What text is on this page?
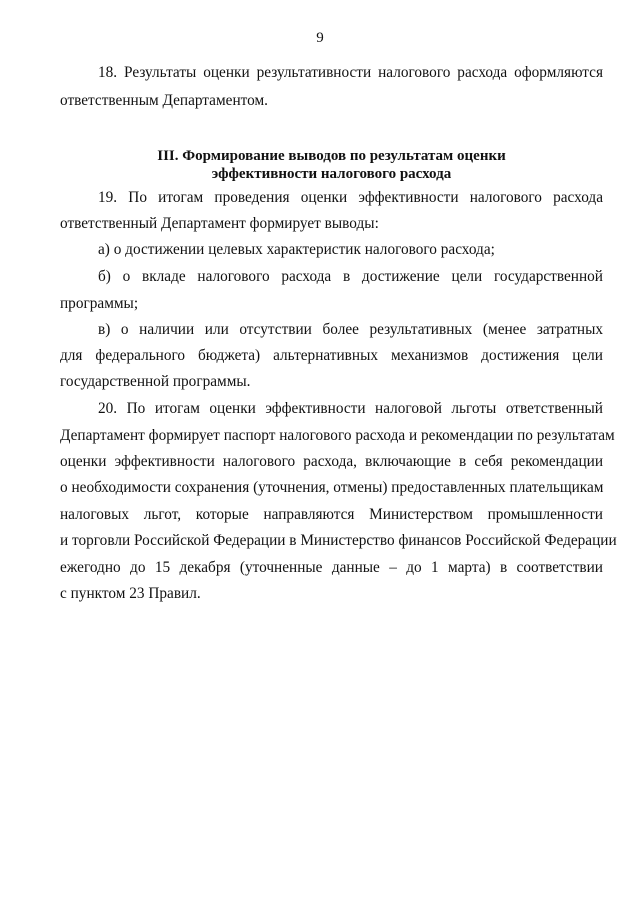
9
18. Результаты оценки результативности налогового расхода оформляются
ответственным Департаментом.
III. Формирование выводов по результатам оценки
эффективности налогового расхода
19. По итогам проведения оценки эффективности налогового расхода
ответственный Департамент формирует выводы:
а) о достижении целевых характеристик налогового расхода;
б) о вкладе налогового расхода в достижение цели государственной
программы;
в) о наличии или отсутствии более результативных (менее затратных
для федерального бюджета) альтернативных механизмов достижения цели
государственной программы.
20. По итогам оценки эффективности налоговой льготы ответственный
Департамент формирует паспорт налогового расхода и рекомендации по результатам
оценки эффективности налогового расхода, включающие в себя рекомендации
о необходимости сохранения (уточнения, отмены) предоставленных плательщикам
налоговых льгот, которые направляются Министерством промышленности
и торговли Российской Федерации в Министерство финансов Российской Федерации
ежегодно до 15 декабря (уточненные данные – до 1 марта) в соответствии
с пунктом 23 Правил.
